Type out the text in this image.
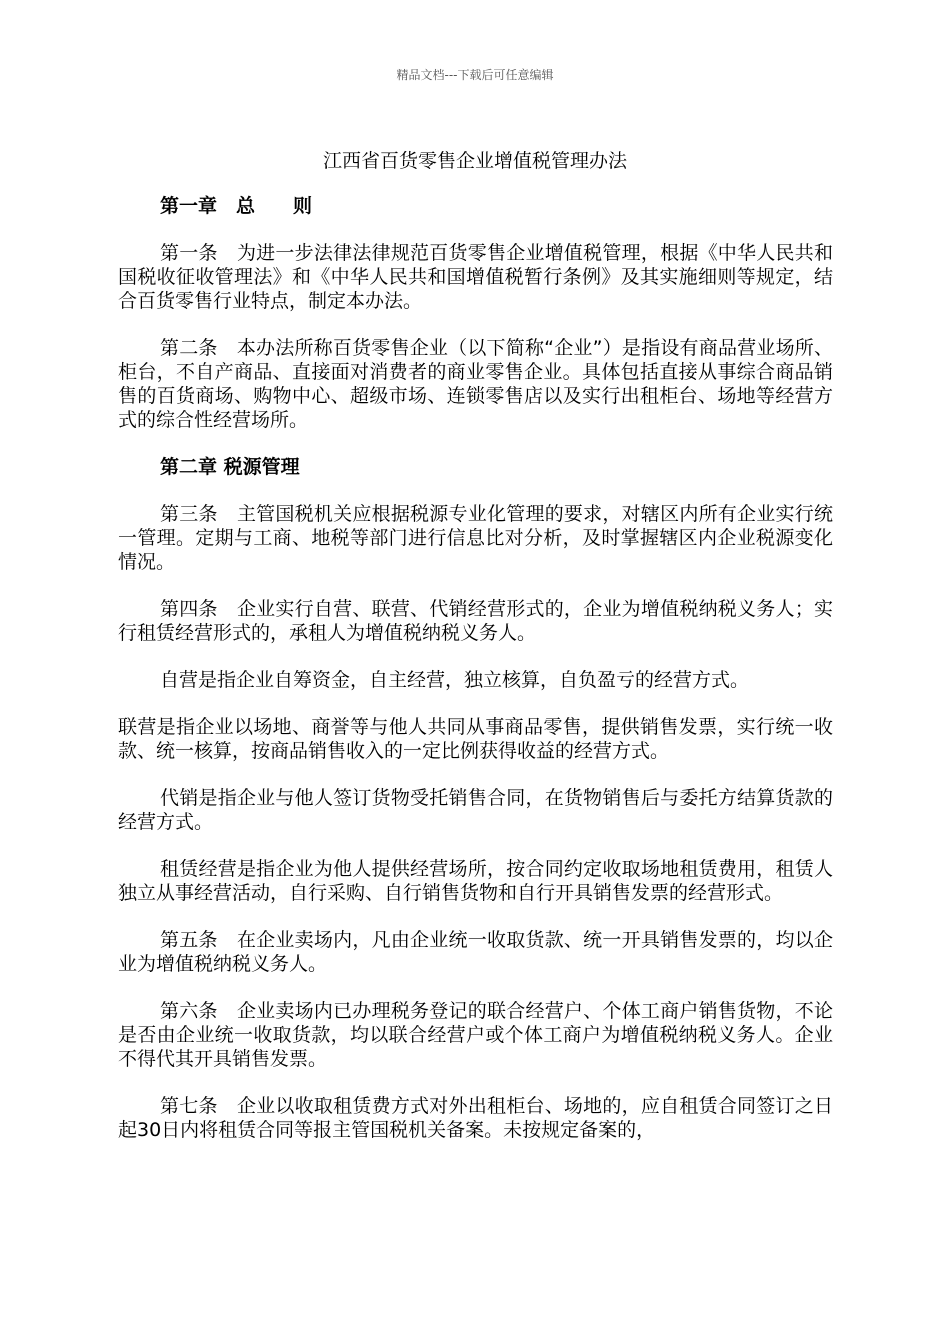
精品文档---下载后可任意编辑
江西省百货零售企业增值税管理办法
第一章　总　　则

第一条　为进一步法律法律规范百货零售企业增值税管理，根据《中华人民共和国税收征收管理法》和《中华人民共和国增值税暂行条例》及其实施细则等规定，结合百货零售行业特点，制定本办法。

第二条　本办法所称百货零售企业（以下简称“企业”）是指设有商品营业场所、柜台，不自产商品、直接面对消费者的商业零售企业。具体包括直接从事综合商品销售的百货商场、购物中心、超级市场、连锁零售店以及实行出租柜台、场地等经营方式的综合性经营场所。

第二章 税源管理

第三条　主管国税机关应根据税源专业化管理的要求，对辖区内所有企业实行统一管理。定期与工商、地税等部门进行信息比对分析，及时掌握辖区内企业税源变化情况。

第四条　企业实行自营、联营、代销经营形式的，企业为增值税纳税义务人；实行租赁经营形式的，承租人为增值税纳税义务人。

自营是指企业自筹资金，自主经营，独立核算，自负盈亏的经营方式。

联营是指企业以场地、商誉等与他人共同从事商品零售，提供销售发票，实行统一收款、统一核算，按商品销售收入的一定比例获得收益的经营方式。

代销是指企业与他人签订货物受托销售合同，在货物销售后与委托方结算货款的经营方式。

租赁经营是指企业为他人提供经营场所，按合同约定收取场地租赁费用，租赁人独立从事经营活动，自行采购、自行销售货物和自行开具销售发票的经营形式。

第五条　在企业卖场内，凡由企业统一收取货款、统一开具销售发票的，均以企业为增值税纳税义务人。

第六条　企业卖场内已办理税务登记的联合经营户、个体工商户销售货物，不论是否由企业统一收取货款，均以联合经营户或个体工商户为增值税纳税义务人。企业不得代其开具销售发票。

第七条　企业以收取租赁费方式对外出租柜台、场地的，应自租赁合同签订之日起30日内将租赁合同等报主管国税机关备案。未按规定备案的，
